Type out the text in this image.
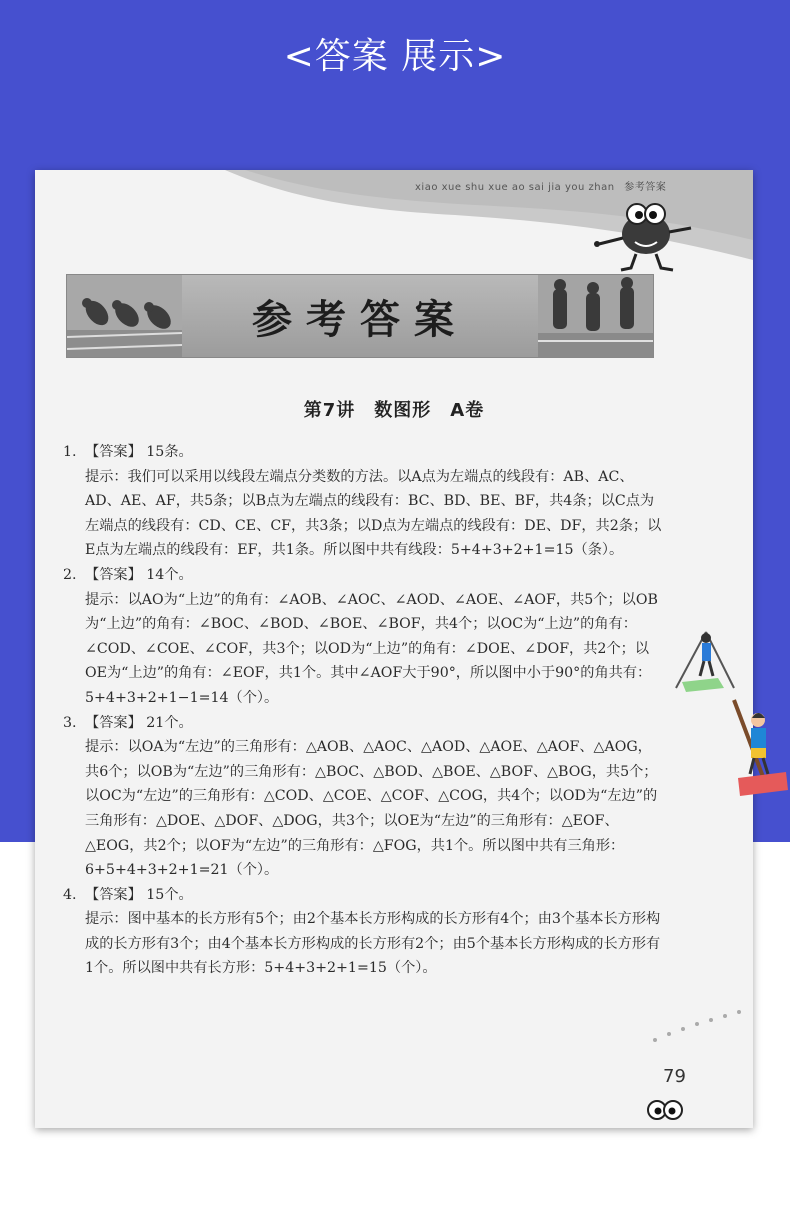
<答案 展示>
xiao xue shu xue ao sai jia you zhan 参考答案
参考答案
第7讲　数图形　A卷

1. 【答案】 15条。

提示：我们可以采用以线段左端点分类数的方法。以A点为左端点的线段有：AB、AC、AD、AE、AF，共5条；以B点为左端点的线段有：BC、BD、BE、BF，共4条；以C点为左端点的线段有：CD、CE、CF，共3条；以D点为左端点的线段有：DE、DF，共2条；以E点为左端点的线段有：EF，共1条。所以图中共有线段：5+4+3+2+1=15（条）。

2. 【答案】 14个。

提示：以AO为“上边”的角有：∠AOB、∠AOC、∠AOD、∠AOE、∠AOF，共5个；以OB为“上边”的角有：∠BOC、∠BOD、∠BOE、∠BOF，共4个；以OC为“上边”的角有：∠COD、∠COE、∠COF，共3个；以OD为“上边”的角有：∠DOE、∠DOF，共2个；以OE为“上边”的角有：∠EOF，共1个。其中∠AOF大于90°，所以图中小于90°的角共有：5+4+3+2+1−1=14（个）。

3. 【答案】 21个。

提示：以OA为“左边”的三角形有：△AOB、△AOC、△AOD、△AOE、△AOF、△AOG，共6个；以OB为“左边”的三角形有：△BOC、△BOD、△BOE、△BOF、△BOG，共5个；以OC为“左边”的三角形有：△COD、△COE、△COF、△COG，共4个；以OD为“左边”的三角形有：△DOE、△DOF、△DOG，共3个；以OE为“左边”的三角形有：△EOF、△EOG，共2个；以OF为“左边”的三角形有：△FOG，共1个。所以图中共有三角形：6+5+4+3+2+1=21（个）。

4. 【答案】 15个。

提示：图中基本的长方形有5个；由2个基本长方形构成的长方形有4个；由3个基本长方形构成的长方形有3个；由4个基本长方形构成的长方形有2个；由5个基本长方形构成的长方形有1个。所以图中共有长方形：5+4+3+2+1=15（个）。

79
